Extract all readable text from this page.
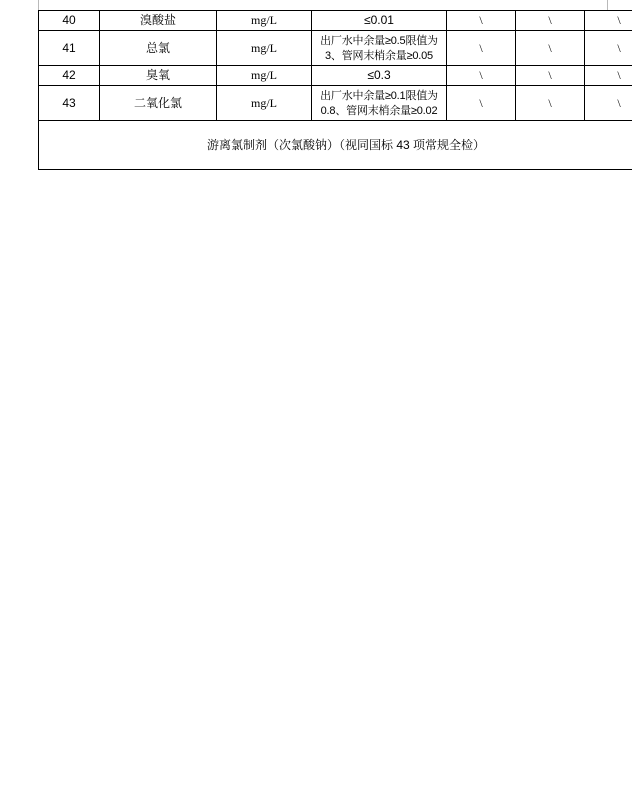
40	溴酸盐	mg/L	≤0.01	\	\	\
41	总氯	mg/L	出厂水中余量≥0.5限值为3、管网末梢余量≥0.05	\	\	\
42	臭氧	mg/L	≤0.3	\	\	\
43	二氧化氯	mg/L	出厂水中余量≥0.1限值为0.8、管网末梢余量≥0.02	\	\	\
游离氯制剂（次氯酸钠）（视同国标 43 项常规全检）						
